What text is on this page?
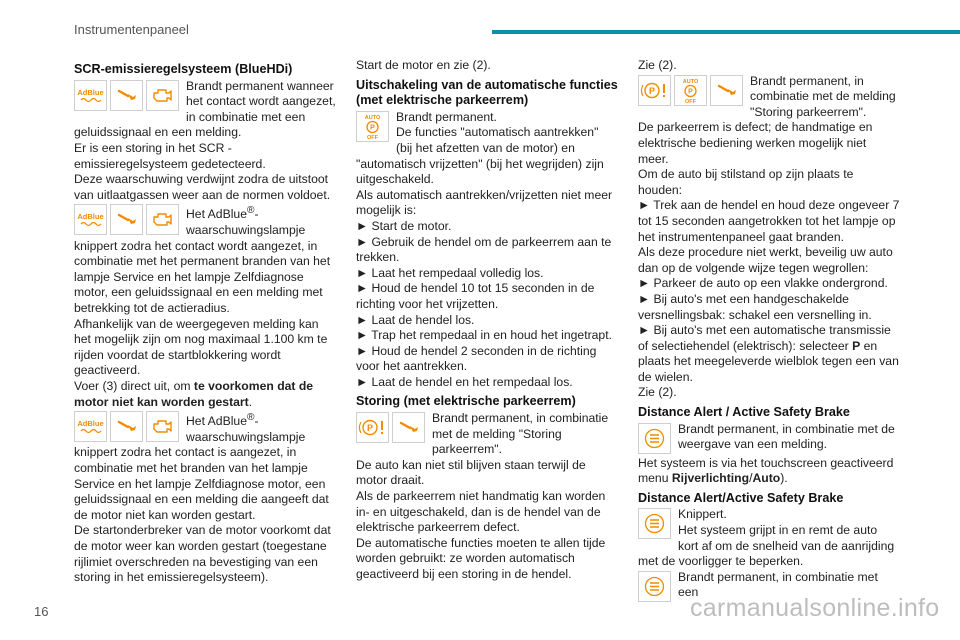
Instrumentenpaneel
SCR-emissieregelsysteem (BlueHDi)
AdBlue	Brandt permanent wanneer het contact wordt aangezet, in combinatie met een geluidssignaal en een melding.

Er is een storing in het SCR -emissieregelsysteem gedetecteerd.

Deze waarschuwing verdwijnt zodra de uitstoot van uitlaatgassen weer aan de normen voldoet.

AdBlue	Het AdBlue®-waarschuwingslampje knippert zodra het contact wordt aangezet, in combinatie met het permanent branden van het lampje Service en het lampje Zelfdiagnose motor, een geluidssignaal en een melding met betrekking tot de actieradius.

Afhankelijk van de weergegeven melding kan het mogelijk zijn om nog maximaal 1.100 km te rijden voordat de startblokkering wordt geactiveerd.

Voer (3) direct uit, om te voorkomen dat de motor niet kan worden gestart.

AdBlue	Het AdBlue®-waarschuwingslampje knippert zodra het contact is aangezet, in combinatie met het branden van het lampje Service en het lampje Zelfdiagnose motor, een geluidssignaal en een melding die aangeeft dat de motor niet kan worden gestart.

De startonderbreker van de motor voorkomt dat de motor weer kan worden gestart (toegestane rijlimiet overschreden na bevestiging van een storing in het emissieregelsysteem).

Start de motor en zie (2).

Uitschakeling van de automatische functies (met elektrische parkeerrem)
AUTO
P
OFF

Brandt permanent.

De functies "automatisch aantrekken" (bij het afzetten van de motor) en "automatisch vrijzetten" (bij het wegrijden) zijn uitgeschakeld.

Als automatisch aantrekken/vrijzetten niet meer mogelijk is:

► Start de motor.

► Gebruik de hendel om de parkeerrem aan te trekken.

► Laat het rempedaal volledig los.

► Houd de hendel 10 tot 15 seconden in de richting voor het vrijzetten.

► Laat de hendel los.

► Trap het rempedaal in en houd het ingetrapt.

► Houd de hendel 2 seconden in de richting voor het aantrekken.

► Laat de hendel en het rempedaal los.

Storing (met elektrische parkeerrem)
P

Brandt permanent, in combinatie met de melding "Storing parkeerrem".

De auto kan niet stil blijven staan terwijl de motor draait.

Als de parkeerrem niet handmatig kan worden in- en uitgeschakeld, dan is de hendel van de elektrische parkeerrem defect.

De automatische functies moeten te allen tijde worden gebruikt: ze worden automatisch geactiveerd bij een storing in de hendel.

Zie (2).

P
AUTO
P
OFF

Brandt permanent, in combinatie met de melding "Storing parkeerrem".

De parkeerrem is defect; de handmatige en elektrische bediening werken mogelijk niet meer.

Om de auto bij stilstand op zijn plaats te houden:

► Trek aan de hendel en houd deze ongeveer 7 tot 15 seconden aangetrokken tot het lampje op het instrumentenpaneel gaat branden.

Als deze procedure niet werkt, beveilig uw auto dan op de volgende wijze tegen wegrollen:

► Parkeer de auto op een vlakke ondergrond.

► Bij auto's met een handgeschakelde versnellingsbak: schakel een versnelling in.

► Bij auto's met een automatische transmissie of selectiehendel (elektrisch): selecteer P en plaats het meegeleverde wielblok tegen een van de wielen.

Zie (2).

Distance Alert / Active Safety Brake

Brandt permanent, in combinatie met de weergave van een melding.

Het systeem is via het touchscreen geactiveerd menu Rijverlichting/Auto).

Distance Alert/Active Safety Brake

Knippert.

Het systeem grijpt in en remt de auto kort af om de snelheid van de aanrijding met de voorligger te beperken.

Brandt permanent, in combinatie met een

16	carmanualsonline.info
